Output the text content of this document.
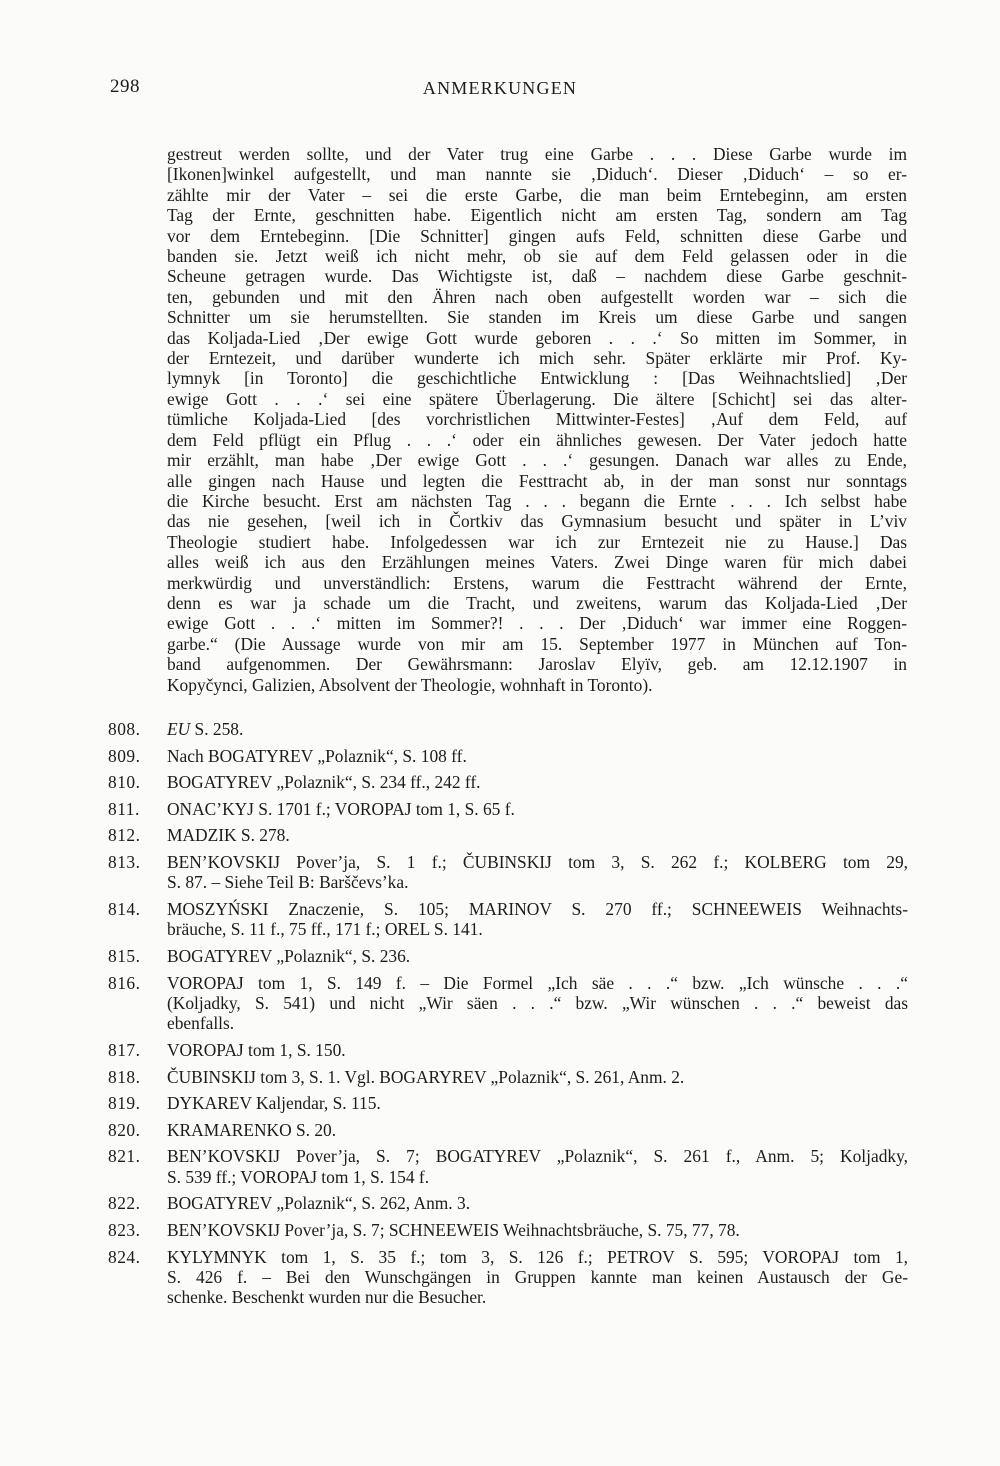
298	ANMERKUNGEN
gestreut werden sollte, und der Vater trug eine Garbe . . . Diese Garbe wurde im
[Ikonen]winkel aufgestellt, und man nannte sie ‚Diduch‘. Dieser ‚Diduch‘ – so er-
zählte mir der Vater – sei die erste Garbe, die man beim Erntebeginn, am ersten
Tag der Ernte, geschnitten habe. Eigentlich nicht am ersten Tag, sondern am Tag
vor dem Erntebeginn. [Die Schnitter] gingen aufs Feld, schnitten diese Garbe und
banden sie. Jetzt weiß ich nicht mehr, ob sie auf dem Feld gelassen oder in die
Scheune getragen wurde. Das Wichtigste ist, daß – nachdem diese Garbe geschnit-
ten, gebunden und mit den Ähren nach oben aufgestellt worden war – sich die
Schnitter um sie herumstellten. Sie standen im Kreis um diese Garbe und sangen
das Koljada-Lied ‚Der ewige Gott wurde geboren . . .‘ So mitten im Sommer, in
der Erntezeit, und darüber wunderte ich mich sehr. Später erklärte mir Prof. Ky-
lymnyk [in Toronto] die geschichtliche Entwicklung : [Das Weihnachtslied] ‚Der
ewige Gott . . .‘ sei eine spätere Überlagerung. Die ältere [Schicht] sei das alter-
tümliche Koljada-Lied [des vorchristlichen Mittwinter-Festes] ‚Auf dem Feld, auf
dem Feld pflügt ein Pflug . . .‘ oder ein ähnliches gewesen. Der Vater jedoch hatte
mir erzählt, man habe ‚Der ewige Gott . . .‘ gesungen. Danach war alles zu Ende,
alle gingen nach Hause und legten die Festtracht ab, in der man sonst nur sonntags
die Kirche besucht. Erst am nächsten Tag . . . begann die Ernte . . . Ich selbst habe
das nie gesehen, [weil ich in Čortkiv das Gymnasium besucht und später in L’viv
Theologie studiert habe. Infolgedessen war ich zur Erntezeit nie zu Hause.] Das
alles weiß ich aus den Erzählungen meines Vaters. Zwei Dinge waren für mich dabei
merkwürdig und unverständlich: Erstens, warum die Festtracht während der Ernte,
denn es war ja schade um die Tracht, und zweitens, warum das Koljada-Lied ‚Der
ewige Gott . . .‘ mitten im Sommer?! . . . Der ‚Diduch‘ war immer eine Roggen-
garbe.“ (Die Aussage wurde von mir am 15. September 1977 in München auf Ton-
band aufgenommen. Der Gewährsmann: Jaroslav Elyїv, geb. am 12.12.1907 in
Kopyčynci, Galizien, Absolvent der Theologie, wohnhaft in Toronto).
808.	EU S. 258.
809.	Nach BOGATYREV „Polaznik“, S. 108 ff.
810.	BOGATYREV „Polaznik“, S. 234 ff., 242 ff.
811.	ONAC’KYJ S. 1701 f.; VOROPAJ tom 1, S. 65 f.
812.	MADZIK S. 278.
813.	BEN’KOVSKIJ Pover’ja, S. 1 f.; ČUBINSKIJ tom 3, S. 262 f.; KOLBERG tom 29,
S. 87. – Siehe Teil B: Barščevs’ka.
814.	MOSZYŃSKI Znaczenie, S. 105; MARINOV S. 270 ff.; SCHNEEWEIS Weihnachts-
bräuche, S. 11 f., 75 ff., 171 f.; OREL S. 141.
815.	BOGATYREV „Polaznik“, S. 236.
816.	VOROPAJ tom 1, S. 149 f. – Die Formel „Ich säe . . .“ bzw. „Ich wünsche . . .“
(Koljadky, S. 541) und nicht „Wir säen . . .“ bzw. „Wir wünschen . . .“ beweist das
ebenfalls.
817.	VOROPAJ tom 1, S. 150.
818.	ČUBINSKIJ tom 3, S. 1. Vgl. BOGARYREV „Polaznik“, S. 261, Anm. 2.
819.	DYKAREV Kaljendar, S. 115.
820.	KRAMARENKO S. 20.
821.	BEN’KOVSKIJ Pover’ja, S. 7; BOGATYREV „Polaznik“, S. 261 f., Anm. 5; Koljadky,
S. 539 ff.; VOROPAJ tom 1, S. 154 f.
822.	BOGATYREV „Polaznik“, S. 262, Anm. 3.
823.	BEN’KOVSKIJ Pover’ja, S. 7; SCHNEEWEIS Weihnachtsbräuche, S. 75, 77, 78.
824.	KYLYMNYK tom 1, S. 35 f.; tom 3, S. 126 f.; PETROV S. 595; VOROPAJ tom 1,
S. 426 f. – Bei den Wunschgängen in Gruppen kannte man keinen Austausch der Ge-
schenke. Beschenkt wurden nur die Besucher.
